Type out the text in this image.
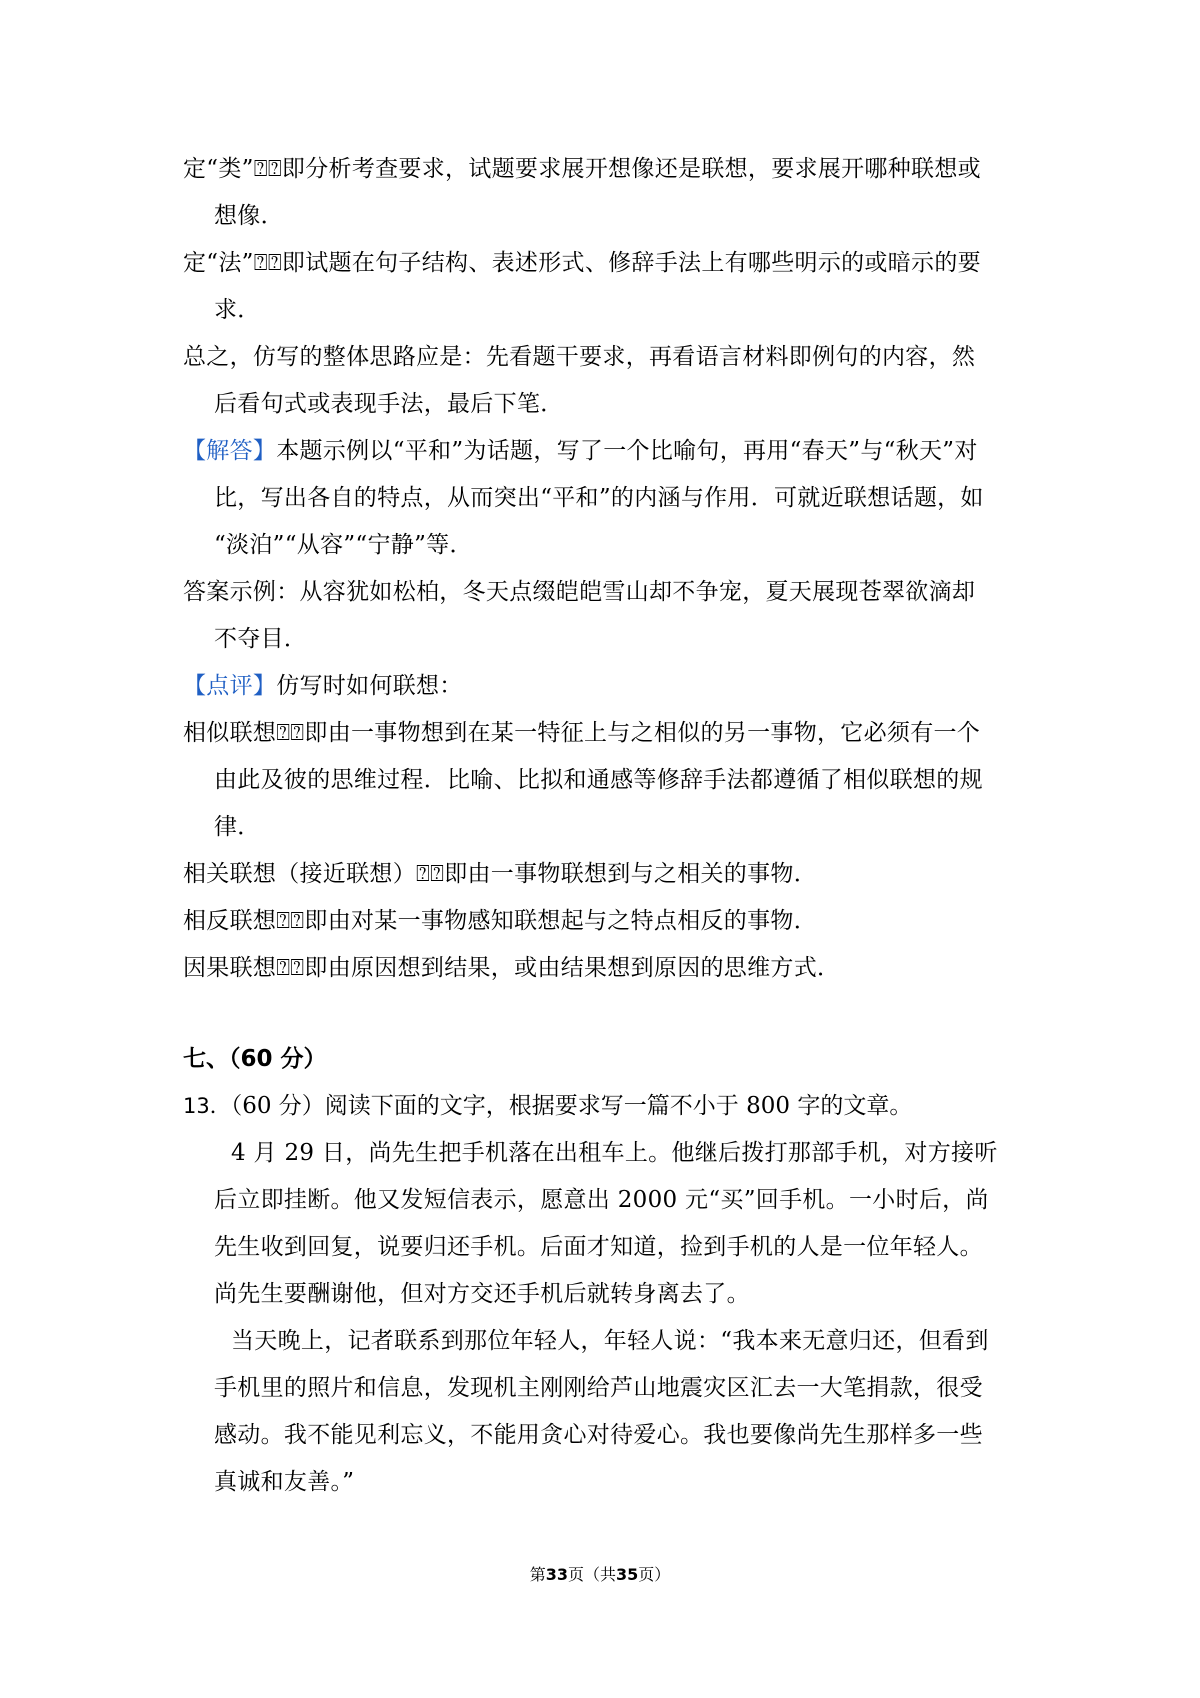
定“类”⍰⍰即分析考查要求，试题要求展开想像还是联想，要求展开哪种联想或
想像．
定“法”⍰⍰即试题在句子结构、表述形式、修辞手法上有哪些明示的或暗示的要
求．
总之，仿写的整体思路应是：先看题干要求，再看语言材料即例句的内容，然
后看句式或表现手法，最后下笔．
【解答】本题示例以“平和”为话题，写了一个比喻句，再用“春天”与“秋天”对
比，写出各自的特点，从而突出“平和”的内涵与作用．可就近联想话题，如
“淡泊”“从容”“宁静”等．
答案示例：从容犹如松柏，冬天点缀皑皑雪山却不争宠，夏天展现苍翠欲滴却
不夺目．
【点评】仿写时如何联想：
相似联想⍰⍰即由一事物想到在某一特征上与之相似的另一事物，它必须有一个
由此及彼的思维过程．比喻、比拟和通感等修辞手法都遵循了相似联想的规
律．
相关联想（接近联想）⍰⍰即由一事物联想到与之相关的事物．
相反联想⍰⍰即由对某一事物感知联想起与之特点相反的事物．
因果联想⍰⍰即由原因想到结果，或由结果想到原因的思维方式．
七、（60 分）
13．（60 分）阅读下面的文字，根据要求写一篇不小于 800 字的文章。
4 月 29 日，尚先生把手机落在出租车上。他继后拨打那部手机，对方接听
后立即挂断。他又发短信表示，愿意出 2000 元“买”回手机。一小时后，尚
先生收到回复，说要归还手机。后面才知道，捡到手机的人是一位年轻人。
尚先生要酬谢他，但对方交还手机后就转身离去了。
当天晚上，记者联系到那位年轻人，年轻人说：“我本来无意归还，但看到
手机里的照片和信息，发现机主刚刚给芦山地震灾区汇去一大笔捐款，很受
感动。我不能见利忘义，不能用贪心对待爱心。我也要像尚先生那样多一些
真诚和友善。”
第33页（共35页）
